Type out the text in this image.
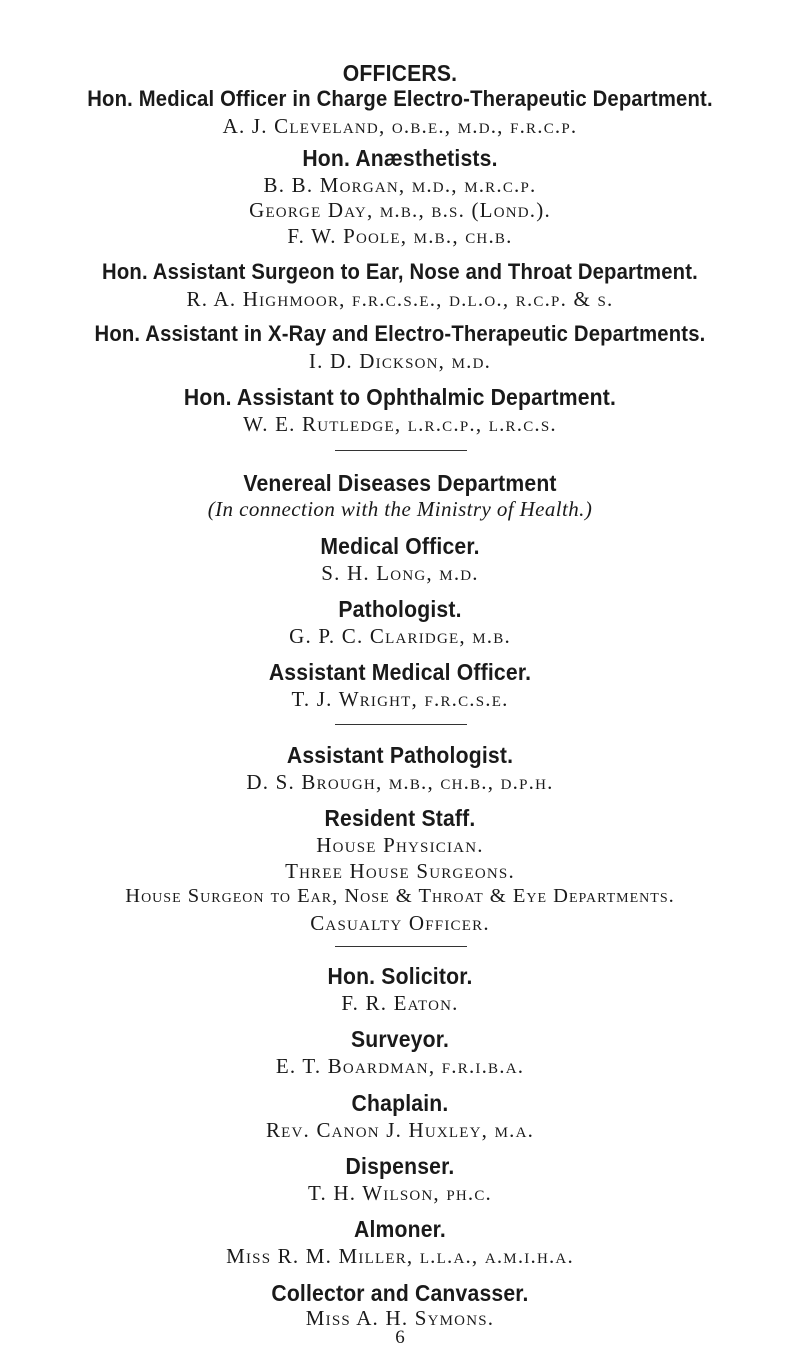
OFFICERS.
Hon. Medical Officer in Charge Electro-Therapeutic Department.
A. J. Cleveland, o.b.e., m.d., f.r.c.p.
Hon. Anæsthetists.
B. B. Morgan, m.d., m.r.c.p.
George Day, m.b., b.s. (Lond.).
F. W. Poole, m.b., ch.b.
Hon. Assistant Surgeon to Ear, Nose and Throat Department.
R. A. Highmoor, f.r.c.s.e., d.l.o., r.c.p. & s.
Hon. Assistant in X-Ray and Electro-Therapeutic Departments.
I. D. Dickson, m.d.
Hon. Assistant to Ophthalmic Department.
W. E. Rutledge, l.r.c.p., l.r.c.s.
Venereal Diseases Department
(In connection with the Ministry of Health.)
Medical Officer.
S. H. Long, m.d.
Pathologist.
G. P. C. Claridge, m.b.
Assistant Medical Officer.
T. J. Wright, f.r.c.s.e.
Assistant Pathologist.
D. S. Brough, m.b., ch.b., d.p.h.
Resident Staff.
House Physician.
Three House Surgeons.
House Surgeon to Ear, Nose & Throat & Eye Departments.
Casualty Officer.
Hon. Solicitor.
F. R. Eaton.
Surveyor.
E. T. Boardman, f.r.i.b.a.
Chaplain.
Rev. Canon J. Huxley, m.a.
Dispenser.
T. H. Wilson, ph.c.
Almoner.
Miss R. M. Miller, l.l.a., a.m.i.h.a.
Collector and Canvasser.
Miss A. H. Symons.
6
